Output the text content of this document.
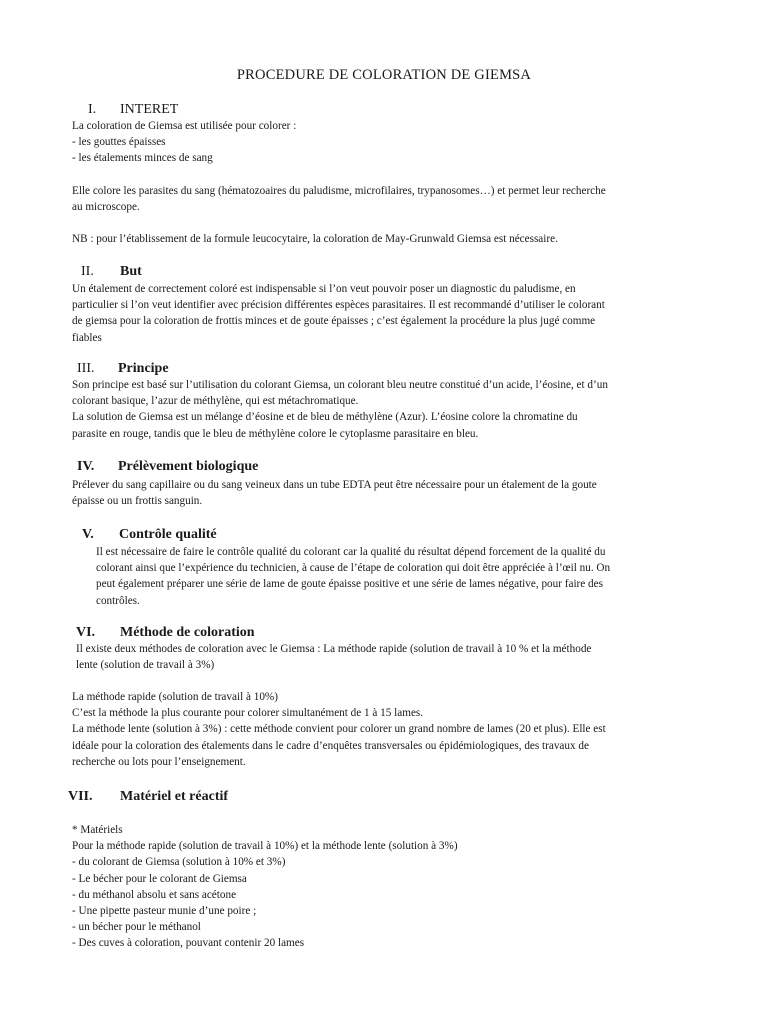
PROCEDURE DE COLORATION DE GIEMSA
I. INTERET

La coloration de Giemsa est utilisée pour colorer :
- les gouttes épaisses
- les étalements minces de sang

Elle colore les parasites du sang (hématozoaires du paludisme, microfilaires, trypanosomes…) et permet leur recherche
au microscope.

NB : pour l’établissement de la formule leucocytaire, la coloration de May-Grunwald Giemsa est nécessaire.

II. But

Un étalement de correctement coloré est indispensable si l’on veut pouvoir poser un diagnostic du paludisme, en
particulier si l’on veut identifier avec précision différentes espèces parasitaires. Il est recommandé d’utiliser le colorant
de giemsa pour la coloration de frottis minces et de goute épaisses ; c’est également la procédure la plus jugé comme
fiables

III. Principe

Son principe est basé sur l’utilisation du colorant Giemsa, un colorant bleu neutre constitué d’un acide, l’éosine, et d’un
colorant basique, l’azur de méthylène, qui est métachromatique.
La solution de Giemsa est un mélange d’éosine et de bleu de méthylène (Azur). L’éosine colore la chromatine du
parasite en rouge, tandis que le bleu de méthylène colore le cytoplasme parasitaire en bleu.

IV. Prélèvement biologique

Prélever du sang capillaire ou du sang veineux dans un tube EDTA peut être nécessaire pour un étalement de la goute
épaisse ou un frottis sanguin.

V. Contrôle qualité

Il est nécessaire de faire le contrôle qualité du colorant car la qualité du résultat dépend forcement de la qualité du
colorant ainsi que l’expérience du technicien, à cause de l’étape de coloration qui doit être appréciée à l’œil nu. On
peut également préparer une série de lame de goute épaisse positive et une série de lames négative, pour faire des
contrôles.

VI. Méthode de coloration

Il existe deux méthodes de coloration avec le Giemsa : La méthode rapide (solution de travail à 10 % et la méthode
lente (solution de travail à 3%)

La méthode rapide (solution de travail à 10%)
C’est la méthode la plus courante pour colorer simultanément de 1 à 15 lames.
La méthode lente (solution à 3%) : cette méthode convient pour colorer un grand nombre de lames (20 et plus). Elle est
idéale pour la coloration des étalements dans le cadre d’enquêtes transversales ou épidémiologiques, des travaux de
recherche ou lots pour l’enseignement.

VII. Matériel et réactif

* Matériels
Pour la méthode rapide (solution de travail à 10%) et la méthode lente (solution à 3%)
- du colorant de Giemsa (solution à 10% et 3%)
- Le bécher pour le colorant de Giemsa
- du méthanol absolu et sans acétone
- Une pipette pasteur munie d’une poire ;
- un bécher pour le méthanol
- Des cuves à coloration, pouvant contenir 20 lames
